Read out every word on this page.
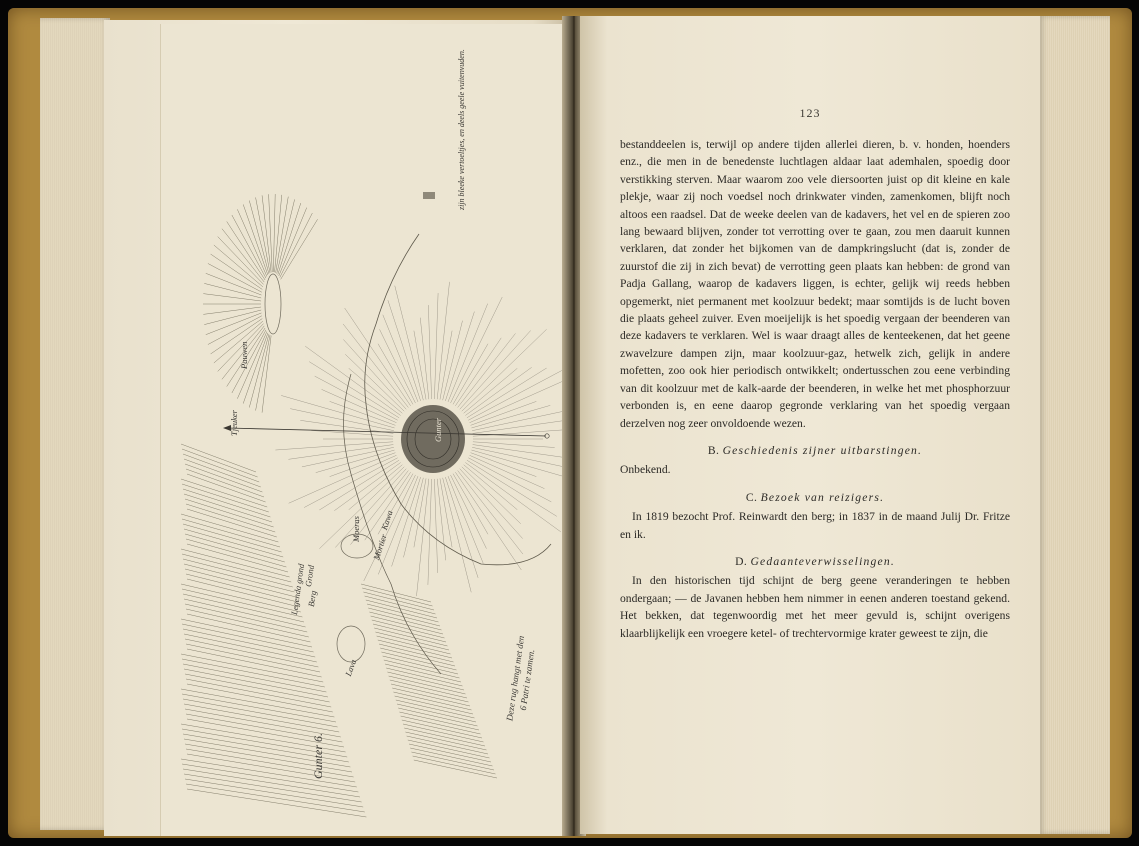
zijn bleeke vertoeltjes, en deels geele vuitenvuden.
Tjeuker
Pauwen
Gunter
Kawa
Moeras
Grond
Legenda grond Berg
Lava
Mortier
Deze rug hangt met den 6 Patri te zamen.
Gunter 6.
123

bestanddeelen is, terwijl op andere tijden allerlei dieren, b. v. honden, hoenders enz., die men in de benedenste luchtlagen aldaar laat ademhalen, spoedig door verstikking sterven. Maar waarom zoo vele diersoorten juist op dit kleine en kale plekje, waar zij noch voedsel noch drinkwater vinden, zamenkomen, blijft noch altoos een raadsel. Dat de weeke deelen van de kadavers, het vel en de spieren zoo lang bewaard blijven, zonder tot verrotting over te gaan, zou men daaruit kunnen verklaren, dat zonder het bijkomen van de dampkringslucht (dat is, zonder de zuurstof die zij in zich bevat) de verrotting geen plaats kan hebben: de grond van Padja Gallang, waarop de kadavers liggen, is echter, gelijk wij reeds hebben opgemerkt, niet permanent met koolzuur bedekt; maar somtijds is de lucht boven die plaats geheel zuiver. Even moeijelijk is het spoedig vergaan der beenderen van deze kadavers te verklaren. Wel is waar draagt alles de kenteekenen, dat het geene zwavelzure dampen zijn, maar koolzuur-gaz, hetwelk zich, gelijk in andere mofetten, zoo ook hier periodisch ontwikkelt; ondertusschen zou eene verbinding van dit koolzuur met de kalk-aarde der beenderen, in welke het met phosphorzuur verbonden is, en eene daarop gegronde verklaring van het spoedig vergaan derzelven nog zeer onvoldoende wezen.

B. Geschiedenis zijner uitbarstingen.

Onbekend.

C. Bezoek van reizigers.

In 1819 bezocht Prof. Reinwardt den berg; in 1837 in de maand Julij Dr. Fritze en ik.

D. Gedaanteverwisselingen.

In den historischen tijd schijnt de berg geene veranderingen te hebben ondergaan; — de Javanen hebben hem nimmer in eenen anderen toestand gekend. Het bekken, dat tegenwoordig met het meer gevuld is, schijnt overigens klaarblijkelijk een vroegere ketel- of trechtervormige krater geweest te zijn, die
